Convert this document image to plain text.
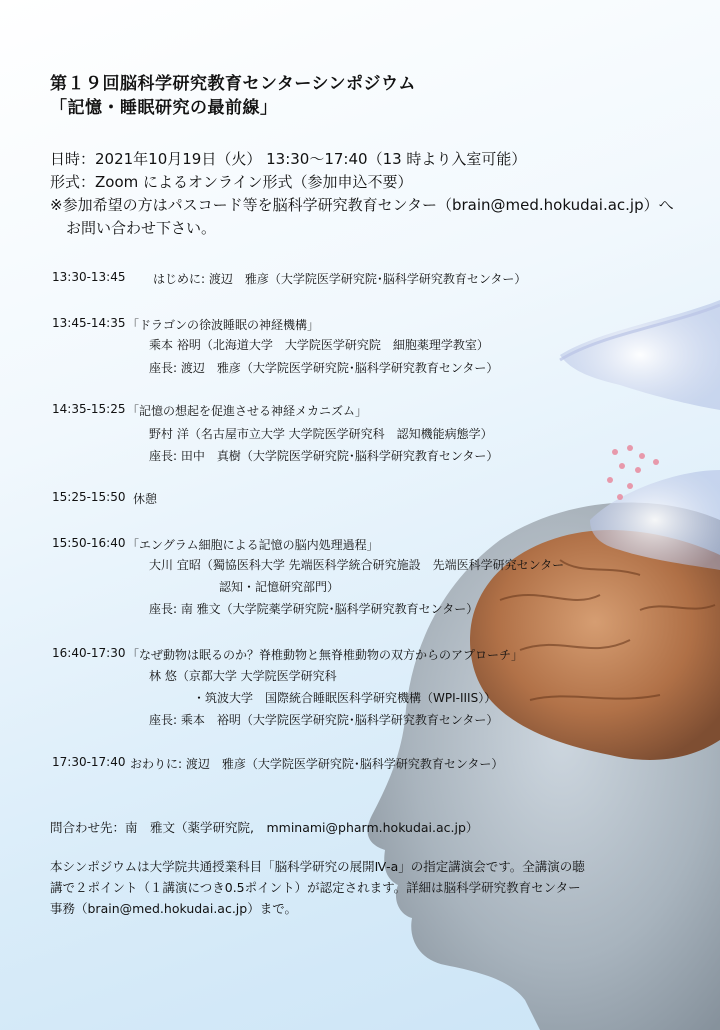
第１９回脳科学研究教育センターシンポジウム
「記憶・睡眠研究の最前線」
日時：2021年10月19日（火） 13:30〜17:40（13 時より入室可能）
形式：Zoom によるオンライン形式（参加申込不要）
※参加希望の方はパスコード等を脳科学研究教育センター（brain@med.hokudai.ac.jp）へ
お問い合わせ下さい。
13:30-13:45 はじめに: 渡辺　雅彦（大学院医学研究院･脳科学研究教育センター）
13:45-14:35 「ドラゴンの徐波睡眠の神経機構」
乘本 裕明（北海道大学　大学院医学研究院　細胞薬理学教室）
座長: 渡辺　雅彦（大学院医学研究院･脳科学研究教育センター）
14:35-15:25 「記憶の想起を促進させる神経メカニズム」
野村 洋（名古屋市立大学 大学院医学研究科　認知機能病態学）
座長: 田中　真樹（大学院医学研究院･脳科学研究教育センター）
15:25-15:50 休憩
15:50-16:40 「エングラム細胞による記憶の脳内処理過程」
大川 宜昭（獨協医科大学 先端医科学統合研究施設　先端医科学研究センター
認知・記憶研究部門）
座長: 南 雅文（大学院薬学研究院･脳科学研究教育センター）
16:40-17:30 「なぜ動物は眠るのか？脊椎動物と無脊椎動物の双方からのアプローチ」
林 悠（京都大学 大学院医学研究科
・筑波大学　国際統合睡眠医科学研究機構（WPI-IIIS））
座長: 乘本　裕明（大学院医学研究院･脳科学研究教育センター）
17:30-17:40 おわりに: 渡辺　雅彦（大学院医学研究院･脳科学研究教育センター）
問合わせ先：南　雅文（薬学研究院,　mminami@pharm.hokudai.ac.jp）
本シンポジウムは大学院共通授業科目「脳科学研究の展開Ⅳ-a」の指定講演会です。全講演の聴
講で２ポイント（１講演につき0.5ポイント）が認定されます。詳細は脳科学研究教育センター
事務（brain@med.hokudai.ac.jp）まで。
